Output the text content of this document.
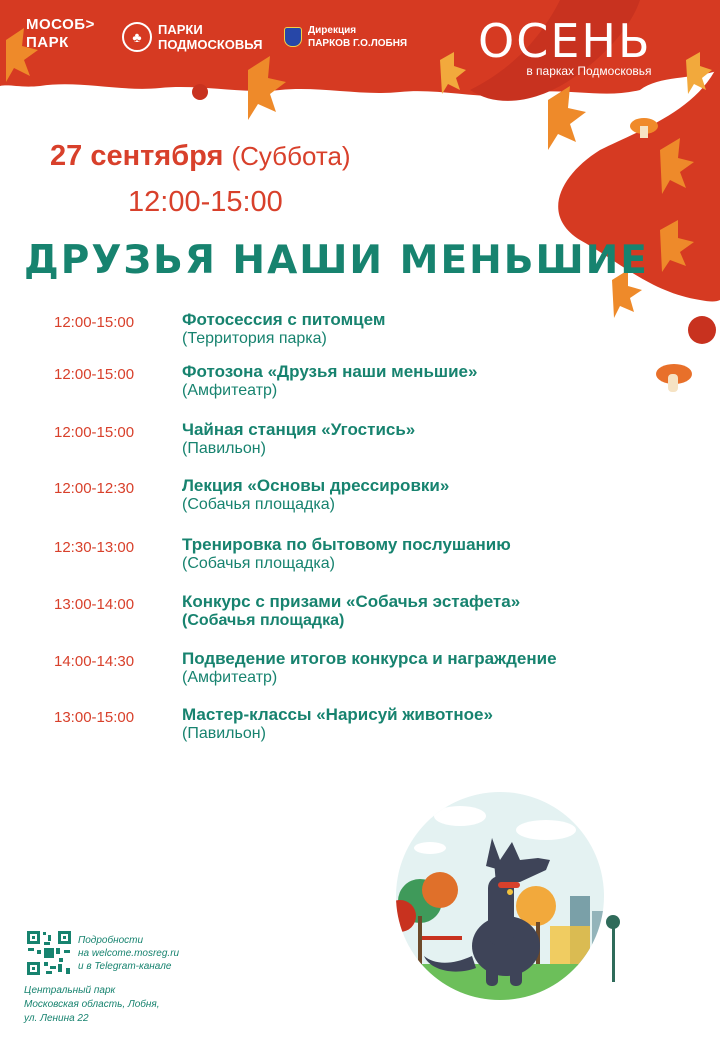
МОСОБ>
ПАРК	♣	ПАРКИ
ПОДМОСКОВЬЯ
Дирекция
ПАРКОВ Г.О.ЛОБНЯ ОСЕНЬ
в парках Подмосковья
27 сентября (Суббота)
12:00-15:00
ДРУЗЬЯ НАШИ МЕНЬШИЕ
12:00-15:00	Фотосессия с питомцем
(Территория парка)
12:00-15:00	Фотозона «Друзья наши меньшие»
(Амфитеатр)
12:00-15:00	Чайная станция «Угостись»
(Павильон)
12:00-12:30	Лекция «Основы дрессировки»
(Собачья площадка)
12:30-13:00	Тренировка по бытовому послушанию
(Собачья площадка)
13:00-14:00	Конкурс с призами «Собачья эстафета»
(Собачья площадка)
14:00-14:30	Подведение итогов конкурса и награждение
(Амфитеатр)
13:00-15:00	Мастер-классы «Нарисуй животное»
(Павильон)
Подробности
на welcome.mosreg.ru
и в Telegram-канале
Центральный парк
Московская область, Лобня,
ул. Ленина 22
